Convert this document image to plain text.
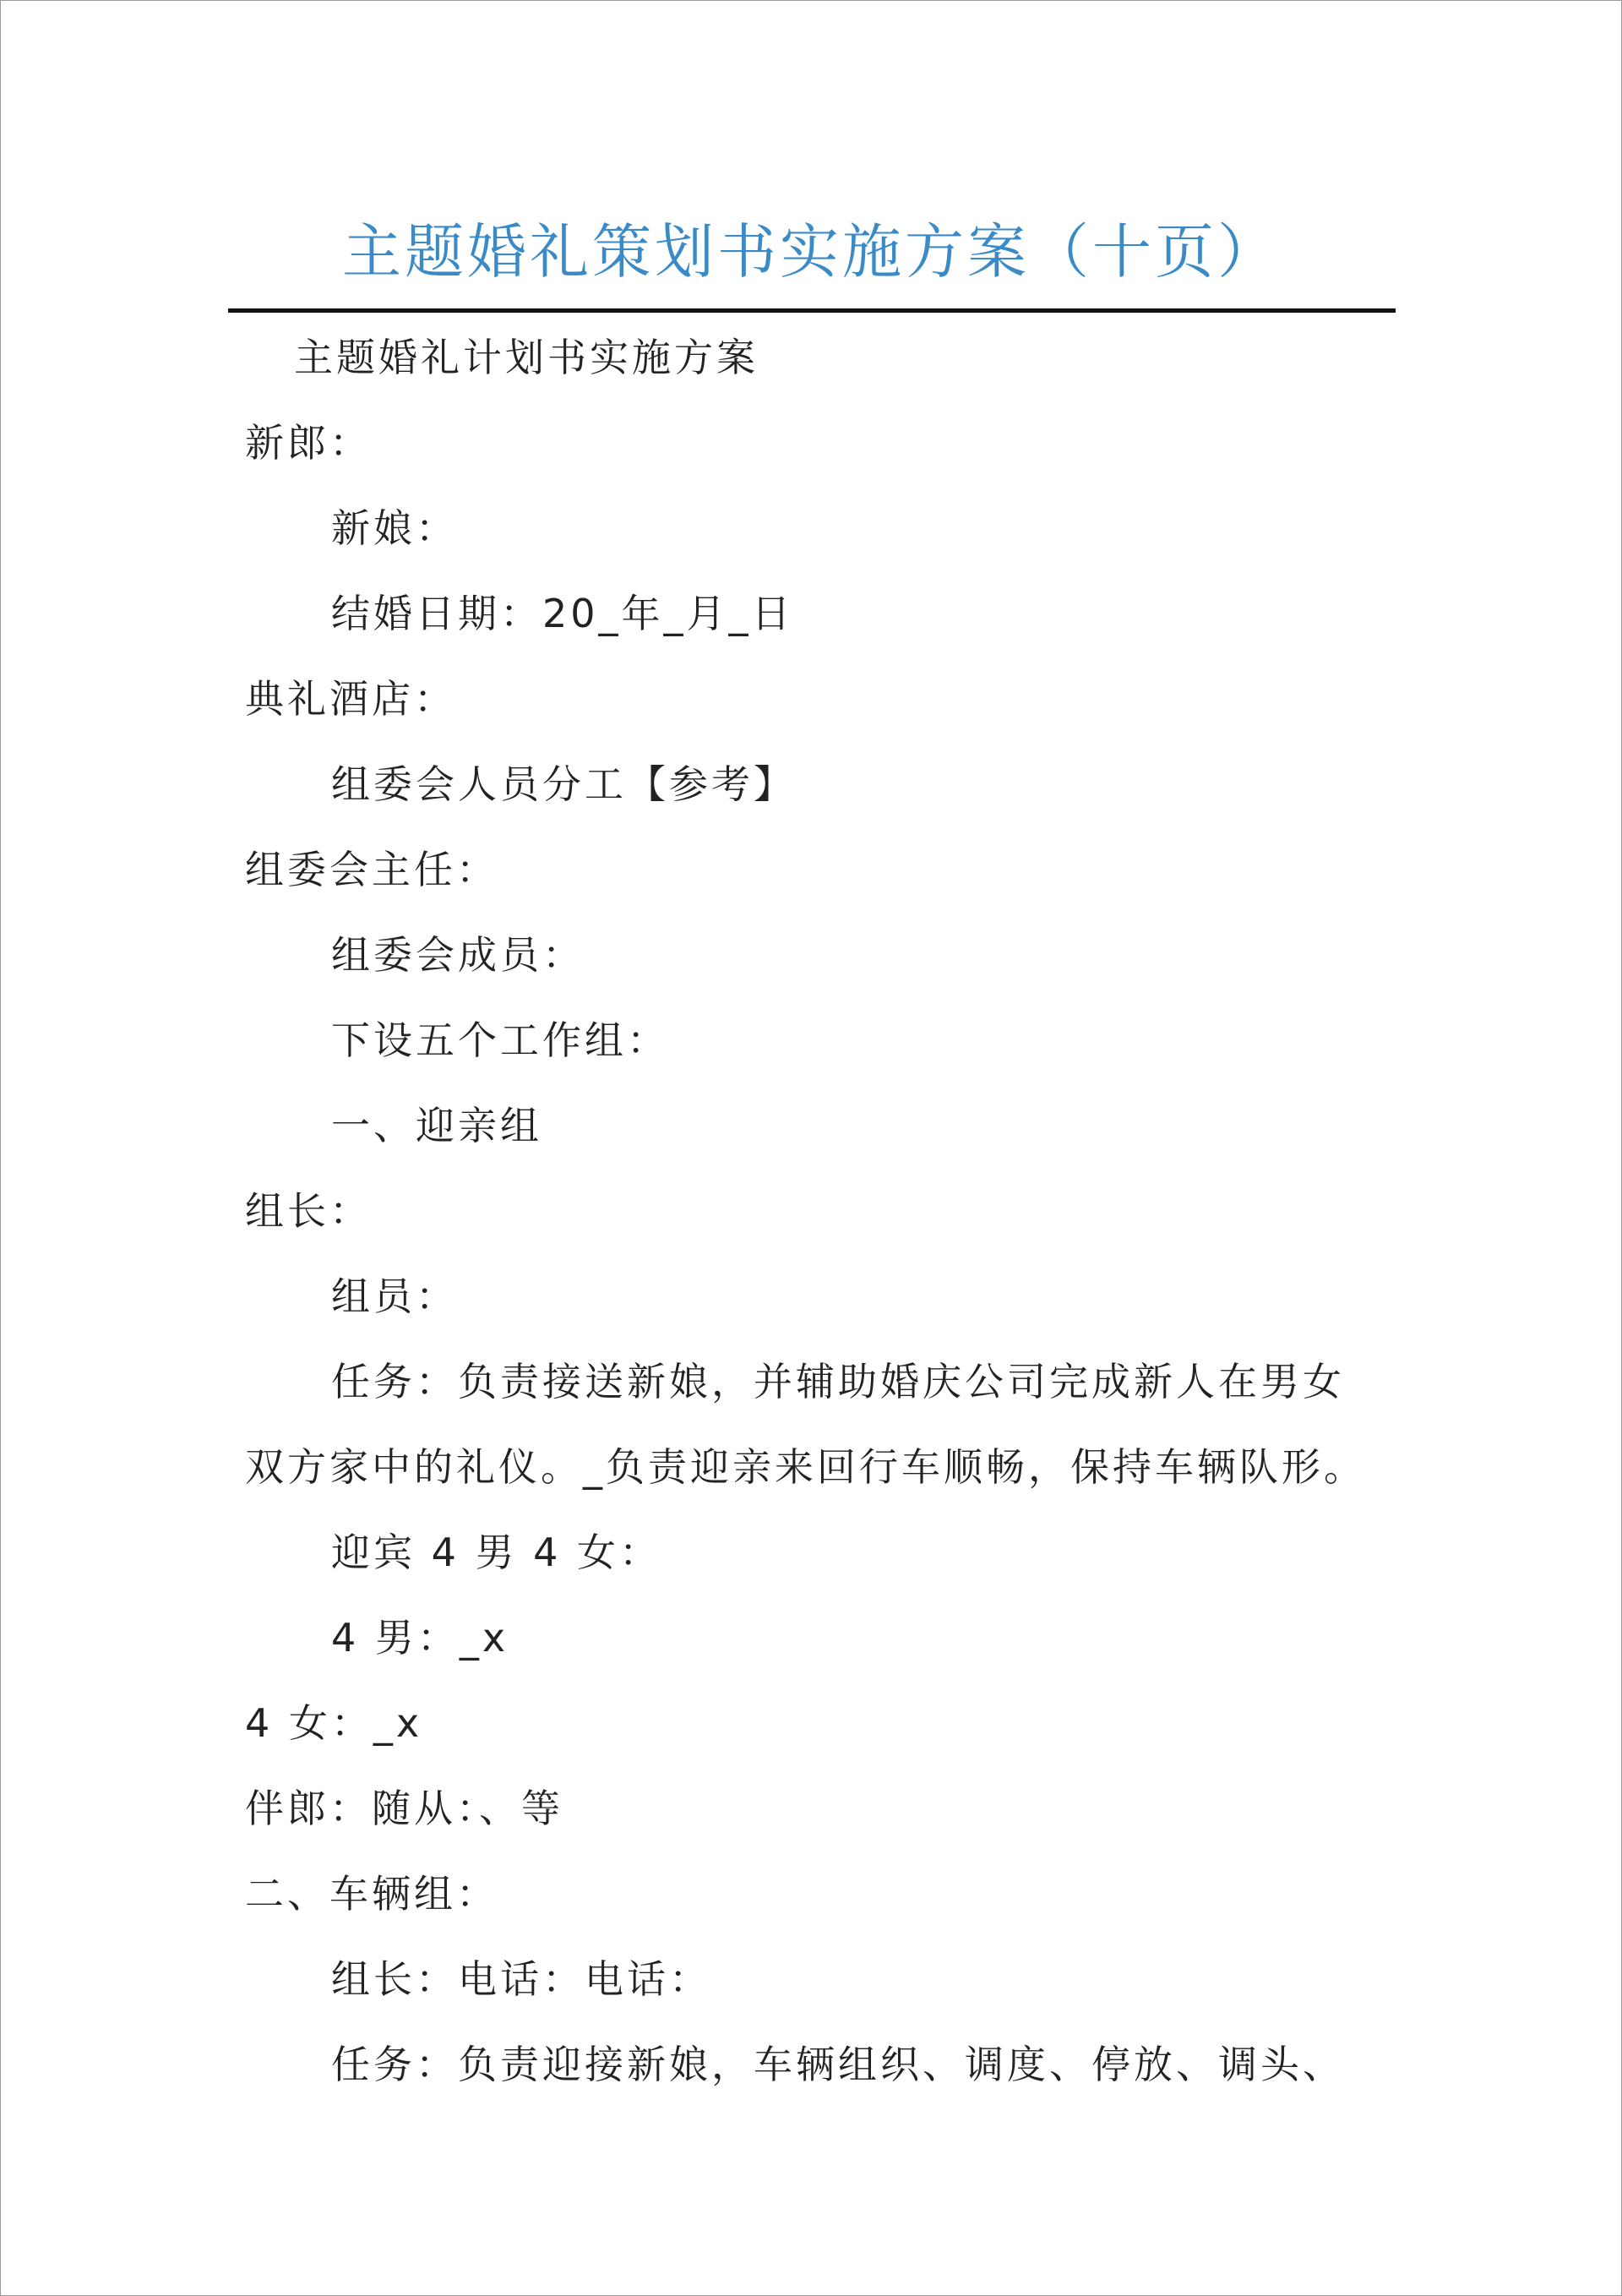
主题婚礼策划书实施方案（十页）
主题婚礼计划书实施方案
新郎：
新娘：
结婚日期：20_年_月_日
典礼酒店：
组委会人员分工【参考】
组委会主任：
组委会成员：
下设五个工作组：
一、迎亲组
组长：
组员：
任务：负责接送新娘，并辅助婚庆公司完成新人在男女
双方家中的礼仪。_负责迎亲来回行车顺畅，保持车辆队形。
迎宾 4 男 4 女：
4 男：_x
4 女：_x
伴郎：随从：、等
二、车辆组：
组长：电话：电话：
任务：负责迎接新娘，车辆组织、调度、停放、调头、
